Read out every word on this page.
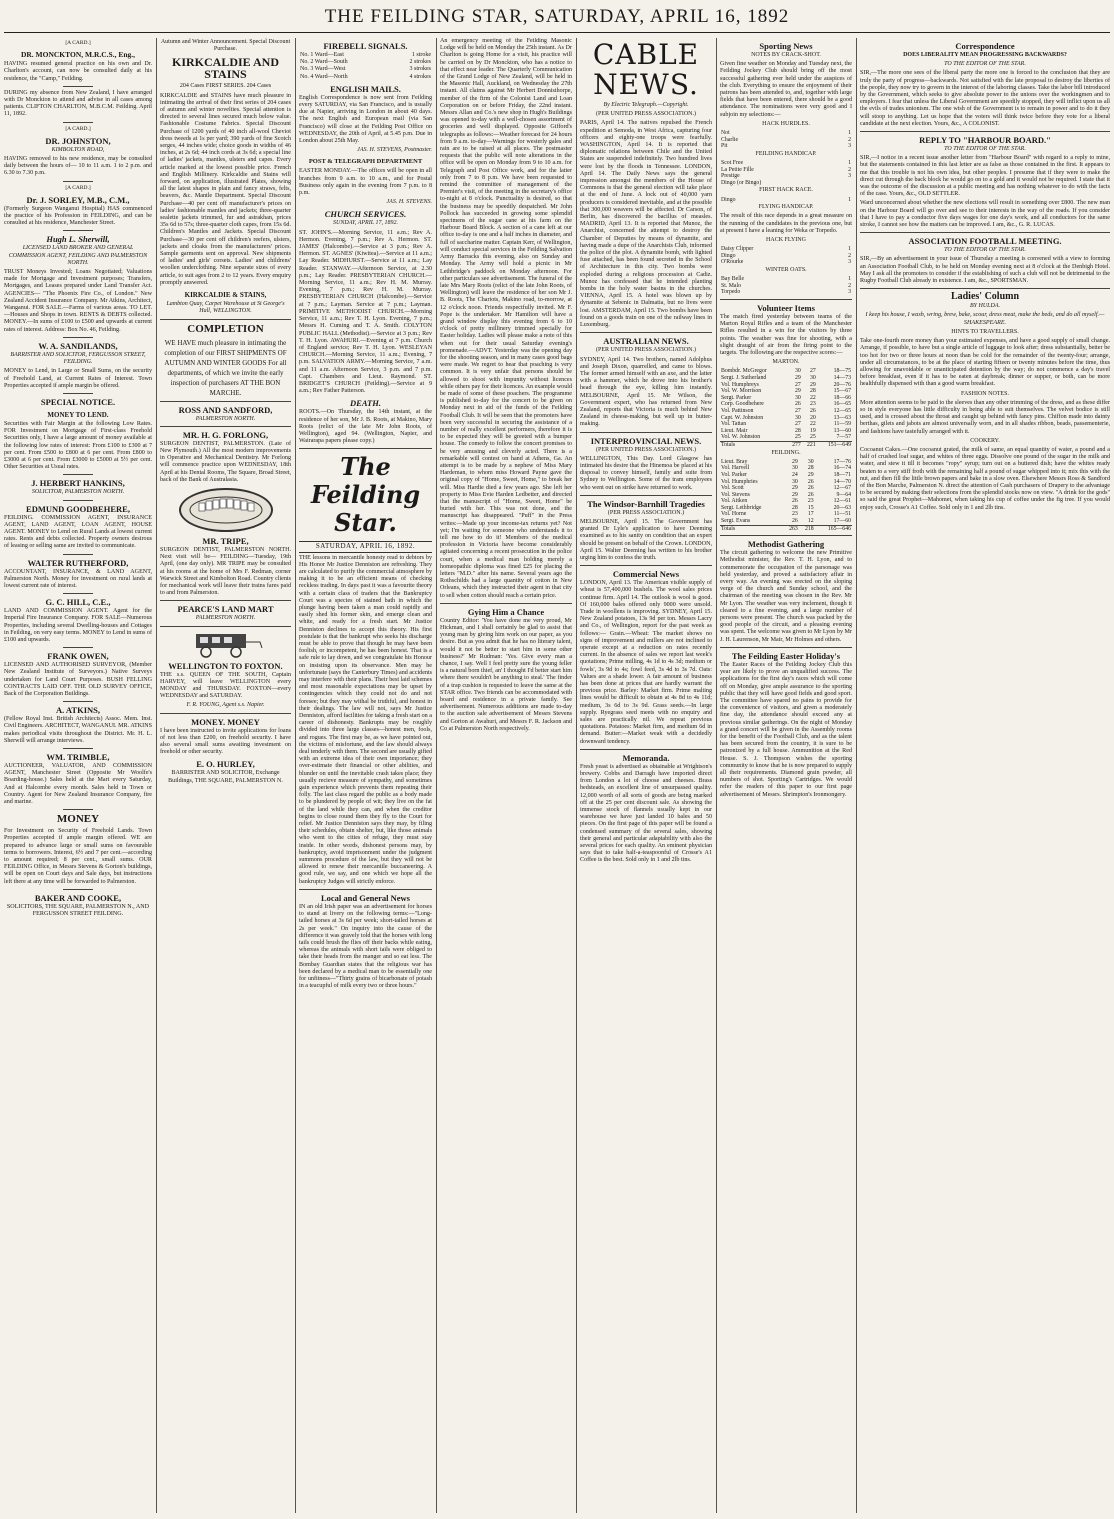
THE FEILDING STAR, SATURDAY, APRIL 16, 1892
[A CARD.]
DR. MONCKTON, M.R.C.S., Eng.,

HAVING resumed general practice on his own and Dr. Charlton's account, can now be consulted daily at his residence, the "Camp," Feilding.

DURING my absence from New Zealand, I have arranged with Dr Monckton to attend and advise in all cases among patients. CLIFTON CHARLTON, M.B.C.M. Feilding. April 11, 1892.

[A CARD.]
DR. JOHNSTON,
KIMBOLTON ROAD,

HAVING removed to his new residence, may be consulted daily between the hours of— 10 to 11 a.m. 1 to 2 p.m. and 6.30 to 7.30 p.m.

[A CARD.]
Dr. J. SORLEY, M.B., C.M.,

(Formerly Surgeon Wanganui Hospital) HAS commenced the practice of his Profession in FEILDING, and can be consulted at his residence, Manchester Street.

Hugh L. Sherwill,
LICENSED LAND BROKER AND GENERAL COMMISSION AGENT, FEILDING AND PALMERSTON NORTH.

TRUST Moneys Invested; Loans Negotiated; Valuations made for Mortgage and Investment purposes; Transfers, Mortgages, and Leases prepared under Land Transfer Act. AGENCIES— "The Phoenix Fire Co., of London." New Zealand Accident Insurance Company. Mr Atkins, Architect, Wanganui. FOR SALE.—Farms of various areas. TO LET.—Houses and Shops in town. RENTS & DEBTS collected. MONEY.—In sums of £100 to £500 and upwards at current rates of interest. Address: Box No. 46, Feilding.

W. A. SANDILANDS,
BARRISTER AND SOLICITOR, FERGUSSON STREET, FEILDING.

MONEY to Lend, in Large or Small Sums, on the security of Freehold Land, at Current Rates of Interest. Town Properties accepted if ample margin be offered.

SPECIAL NOTICE.
MONEY TO LEND.

Securities with Fair Margin at the following Low Rates. FOR Investment on Mortgage of First-class Freehold Securities only, I have a large amount of money available at the following low rates of interest: From £100 to £300 at 7 per cent. From £500 to £800 at 6 per cent. From £800 to £3000 at 6 per cent. From £3000 to £5000 at 5½ per cent. Other Securities at Usual rates.

J. HERBERT HANKINS,
SOLICITOR, PALMERSTON NORTH.
EDMUND GOODBEHERE,

FEILDING. COMMISSION AGENT, INSURANCE AGENT, LAND AGENT, LOAN AGENT, HOUSE AGENT. MONEY to Lend on Rural Lands at lowest current rates. Rents and debts collected. Property owners desirous of leasing or selling same are invited to communicate.

WALTER RUTHERFORD,

ACCOUNTANT, INSURANCE, & LAND AGENT, Palmerston North. Money for investment on rural lands at lowest current rate of interest.

G. C. HILL, C.E.,

LAND AND COMMISSION AGENT. Agent for the Imperial Fire Insurance Company. FOR SALE—Numerous Properties, including several Dwelling-houses and Cottages in Feilding, on very easy terms. MONEY to Lend in sums of £100 and upwards.

FRANK OWEN,

LICENSED AND AUTHORISED SURVEYOR, (Member New Zealand Institute of Surveyors.) Native Surveys undertaken for Land Court Purposes. BUSH FELLING CONTRACTS LAID OFF. THE OLD SURVEY OFFICE, Back of the Corporation Buildings.

A. ATKINS,

(Fellow Royal Inst. British Architects) Assoc. Mem. Inst. Civil Engineers. ARCHITECT, WANGANUI. MR. ATKINS makes periodical visits throughout the District. Mr. H. L. Sherwill will arrange interviews.

WM. TRIMBLE,

AUCTIONEER, VALUATOR, AND COMMISSION AGENT, Manchester Street (Opposite Mr Woolfe's Boarding-house.) Sales held at the Mart every Saturday, And at Halcombe every month. Sales held in Town or Country. Agent for New Zealand Insurance Company, fire and marine.

MONEY

For Investment on Security of Freehold Lands. Town Properties accepted if ample margin offered. WE are prepared to advance large or small sums on favourable terms to borrowers. Interest, 6½ and 7 per cent.—according to amount required; 8 per cent., small sums. OUR FEILDING Office, in Messrs Stevens & Gorton's buildings, will be open on Court days and Sale days, but instructions left there at any time will be forwarded to Palmerston.

BAKER AND COOKE,

SOLICITORS, THE SQUARE, PALMERSTON N., AND FERGUSSON STREET FEILDING.

Autumn and Winter Announcement. Special Discount Purchase.
KIRKCALDIE AND STAINS
204 Cases FIRST SERIES. 204 Cases

KIRKCALDIE and STAINS have much pleasure in intimating the arrival of their first series of 204 cases of autumn and winter novelties. Special attention is directed to several lines secured much below value. Fashionable Costume Fabrics. Special Discount Purchase of 1200 yards of 40 inch all-wool Cheviot dress tweeds at 1s per yard; 390 yards of fine Scotch serges, 44 inches wide; choice goods in widths of 46 inches, at 2s 6d; 44 inch cords at 3s 6d; a special line of ladies' jackets, mantles, ulsters and capes. Every article marked at the lowest possible price. French and English Millinery. Kirkcaldie and Stains will forward, on application, illustrated Plates, showing all the latest shapes in plain and fancy straws, felts, beavers, &c. Mantle Department. Special Discount Purchase—40 per cent off manufacturer's prices on ladies' fashionable mantles and jackets; three-quarter sealette jackets trimmed, fur and astrakhan, prices 35s 6d to 57s; three-quarter cloth capes, from 15s 6d. Children's Mantles and Jackets. Special Discount Purchase—30 per cent off children's reefers, ulsters, jackets and cloaks from the manufacturers' prices. Sample garments sent on approval. New shipments of ladies' and girls' corsets. Ladies' and childrens' woollen underclothing. Nine separate sizes of every article, to suit ages from 2 to 12 years. Every enquiry promptly answered.

KIRKCALDIE & STAINS,
Lambton Quay, Carpet Warehouse at St George's Hall, WELLINGTON.
COMPLETION

WE HAVE much pleasure in intimating the completion of our FIRST SHIPMENTS OF AUTUMN AND WINTER GOODS For all departments, of which we invite the early inspection of purchasers AT THE BON MARCHE.

ROSS AND SANDFORD,
PALMERSTON NORTH.
MR. H. G. FORLONG,

SURGEON DENTIST, PALMERSTON. (Late of New Plymouth.) All the most modern improvements in Operative and Mechanical Dentistry. Mr Forlong will commence practice upon WEDNESDAY, 18th April at his Dental Rooms, The Square, Broad Street, back of the Bank of Australasia.

MR. TRIPE,

SURGEON DENTIST, PALMERSTON NORTH. Next visit will be— FEILDING—Tuesday, 19th April, (one day only). MR TRIPE may be consulted at his rooms at the home of Mrs F. Redman, corner Warwick Street and Kimbolton Road. Country clients for mechanical work will leave their trains fares paid to and from Palmerston.

PEARCE'S LAND MART
PALMERSTON NORTH.
WELLINGTON TO FOXTON.

THE s.s. QUEEN OF THE SOUTH, Captain HARVEY, will leave WELLINGTON every MONDAY and THURSDAY. FOXTON—every WEDNESDAY and SATURDAY.

F. R. YOUNG, Agent s.s. Napier.
MONEY. MONEY

I have been instructed to invite applications for loans of not less than £200, on freehold security. I have also several small sums awaiting investment on freehold or other security.

E. O. HURLEY,

BARRISTER AND SOLICITOR, Exchange Buildings, THE SQUARE, PALMERSTON N.

FIREBELL SIGNALS.
No. 1 Ward—East	1 stroke
No. 2 Ward—South	2 strokes
No. 3 Ward—West	3 strokes
No. 4 Ward—North	4 strokes
ENGLISH MAILS.

English Correspondence is now sent from Feilding every SATURDAY, via San Francisco, and is usually due at Napier, arriving in London in about 40 days. The next English and European mail (via San Francisco) will close at the Feilding Post Office on WEDNESDAY, the 20th of April, at 5.45 p.m. Due in London about 25th May.

JAS. H. STEVENS, Postmaster.
POST & TELEGRAPH DEPARTMENT

EASTER MONDAY.—The offices will be open in all branches from 9 a.m. to 10 a.m., and for Postal Business only again in the evening from 7 p.m. to 8 p.m.

JAS. H. STEVENS.
CHURCH SERVICES.
SUNDAY, APRIL 17, 1892.

ST. JOHN'S.—Morning Service, 11 a.m.; Rev A. Hermon. Evening, 7 p.m.; Rev A. Hermon. ST. JAMES' (Halcombe).—Service at 3 p.m.; Rev A. Hermon. ST. AGNES' (Kiwitea).—Service at 11 a.m.; Lay Reader. MIDHURST.—Service at 11 a.m.; Lay Reader. STANWAY.—Afternoon Service, at 2.30 p.m.; Lay Reader. PRESBYTERIAN CHURCH.—Morning Service, 11 a.m.; Rev H. M. Murray. Evening, 7 p.m.; Rev H. M. Murray. PRESBYTERIAN CHURCH (Halcombe).—Service at 7 p.m.; Layman. Service at 7 p.m.; Layman. PRIMITIVE METHODIST CHURCH.—Morning Service, 11 a.m.; Rev T. H. Lyon. Evening, 7 p.m.; Messrs H. Cuming and T. A. Smith. COLYTON PUBLIC HALL (Methodist).—Service at 3 p.m.; Rev T. H. Lyon. AWAHURI.—Evening at 7 p.m. Church of England service; Rev T. H. Lyon. WESLEYAN CHURCH.—Morning Service, 11 a.m.; Evening, 7 p.m. SALVATION ARMY.—Morning Service, 7 a.m. and 11 a.m. Afternoon Service, 3 p.m. and 7 p.m. Capt. Chambers and Lieut. Raymond. ST. BRIDGET'S CHURCH (Feilding).—Service at 9 a.m.; Rev Father Patterson.

DEATH.

ROOTS.—On Thursday, the 14th instant, at the residence of her son, Mr J. B. Roots, at Makino, Mary Roots (relict of the late Mr John Roots, of Wellington), aged 94. (Wellington, Napier, and Wairarapa papers please copy.)

The Feilding Star.
SATURDAY, APRIL 16, 1892.

THE lessons in mercantile honesty read to debtors by His Honor Mr Justice Denniston are refreshing. They are calculated to purify the commercial atmosphere by making it to be an efficient means of checking reckless trading. In days past it was a favourite theory with a certain class of traders that the Bankruptcy Court was a species of stained bath in which the plunge having been taken a man could rapidly and easily shed his former skin, and emerge clean and white, and ready for a fresh start. Mr Justice Denniston declines to accept this theory. His first postulate is that the bankrupt who seeks his discharge must be able to prove that though he may have been foolish, or incompetent, he has been honest. That is a safe rule to lay down, and we congratulate his Honour on insisting upon its observance. Men may be unfortunate (says the Canterbury Times) and accidents may interfere with their plans. Their best laid schemes and most reasonable expectations may be upset by contingencies which they could not do and not foresee; but they may withal be truthful, and honest in their dealings. The law will not, says Mr Justice Denniston, afford facilities for taking a fresh start on a career of dishonesty. Bankrupts may be roughly divided into three large classes—honest men, fools, and rogues. The first may be, as we have pointed out, the victims of misfortune, and the law should always deal tenderly with them. The second are usually gifted with an extreme idea of their own importance; they over-estimate their financial or other abilities, and blunder on until the inevitable crash takes place; they usually recieve measure of sympathy, and sometimes gain experience which prevents them repeating their folly. The last class regard the public as a body made to be plundered by people of wit; they live on the fat of the land while they can, and when the creditor begins to close round them they fly to the Court for relief. Mr Justice Denniston says they may, by filing their schedules, obtain shelter, but, like those animals who went to the cities of refuge, they must stay inside. In other words, dishonest persons may, by bankruptcy, avoid imprisonment under the judgment summons procedure of the law, but they will not be allowed to renew their mercantile buccaneering. A good rule, we say, and one which we hope all the bankruptcy Judges will strictly enforce.

Local and General News

IN an old Irish paper was an advertisement for horses to stand at livery on the following terms:—"Long-tailed horses at 3s 6d per week; short-tailed horses at 2s per week." On inquiry into the cause of the difference it was gravely told that the horses with long tails could brush the flies off their backs while eating, whereas the animals with short tails were obliged to take their heads from the manger and so eat less. The Bombay Guardian states that the religious war has been declared by a medical man to be essentially one for unfitness—"Thirty grains of bicarbonate of potash in a teacupful of milk every two or three hours."

An emergency meeting of the Feilding Masonic Lodge will be held on Monday the 25th instant. As Dr Charlton is going Home for a visit, his practice will be carried on by Dr Monckton, who has a notice to that effect near leader. The Quarterly Communication of the Grand Lodge of New Zealand, will be held in the Masonic Hall, Auckland, on Wednesday the 27th instant. All claims against Mr Herbert Donnisthorpe, member of the firm of the Colonist Land and Loan Corporation on or before Friday, the 22nd instant. Messrs Allan and Co.'s new shop in Hugh's Buildings was opened to-day with a well-chosen assortment of groceries and well displayed. Opposite Gifford's telegraphs as follows:—Weather forecast for 24 hours from 9 a.m. to-day—Warnings for westerly gales and rain are to be raised at all places. The postmaster requests that the public will note alterations in the office will be open on Monday from 9 to 10 a.m. for Telegraph and Post Office work, and for the latter only from 7 to 8 p.m. We have been requested to remind the committee of management of the Premier's visit, of the meeting in the secretary's office to-night at 8 o'clock. Punctuality is desired, so that the business may be speedily despatched. Mr John Pollock has succeeded in growing some splendid specimens of the sugar cane at his farm on the Harbour Board Block. A section of a cane left at our office to-day is one and a half inches in diameter, and full of saccharine matter. Captain Kerr, of Wellington, will conduct special services in the Feilding Salvation Army Barracks this evening, also on Sunday and Monday. The Army will hold a picnic in Mr Lethbridge's paddock on Monday afternoon. For other particulars see advertisement. The funeral of the late Mrs Mary Roots (relict of the late John Roots, of Wellington) will leave the residence of her son Mr J. B. Roots, The Chariots, Makino road, to-morrow, at 12 o'clock noon. Friends respectfully invited. Mr F. Pope is the undertaker. Mr Hamilton will have a grand window display this evening from 6 to 10 o'clock of pretty millinery trimmed specially for Easter holiday. Ladies will please make a note of this when out for their usual Saturday evening's promenade.—ADVT. Yesterday was the opening day for the shooting season, and in many cases good bags were made. We regret to hear that poaching is very common. It is very unfair that persons should be allowed to shoot with impunity without licences while others pay for their licences. An example would be made of some of these poachers. The programme is published to-day for the concert to be given on Monday next in aid of the funds of the Feilding Football Club. It will be seen that the promoters have been very successful in securing the assistance of a number of really excellent performers, therefore it is to be expected they will be greeted with a bumper house. The comedy to follow the concert promises to be very amusing and cleverly acted. There is a remarkable will contest on hand at Athens, Ga. An attempt is to be made by a nephew of Miss Mary Hardeman, to whom miss Howard Payne gave the original copy of "Home, Sweet, Home," to break her will. Miss Hardie died a few years ago. She left her property to Miss Evie Harden Ledbetter, and directed that the manuscript of "Home, Sweet, Home" be buried with her. This was not done, and the manuscript has disappeared. "Puff" in the Press writes:—Made up your income-tax returns yet? Not yet; I'm waiting for someone who understands it to tell me how to do it! Members of the medical profession in Victoria have become considerably agitated concerning a recent prosecution in the police court, when a medical man holding merely a homeopathic diploma was fined £25 for placing the letters "M.D." after his name. Several years ago the Rothschilds had a large quantity of cotton in New Orleans, which they instructed their agent in that city to sell when cotton should reach a certain price.

Gying Him a Chance

Country Editor: 'You have done me very proud, Mr Hickman, and I shall certainly be glad to assist that young man by giving him work on our paper, as you desire. But as you admit that he has no literary talent, would it not be better to start him in some other business?' Mr Rudman: 'Yes. Give every man a chance, I say. Well I feel pretty sure the young feller is a natural born thief, an' I thought I'd better start him where there wouldn't be anything to steal.' The finder of a trap cushion is requested to leave the same at the STAR office. Two friends can be accommodated with board and residence in a private family. See advertisement. Numerous additions are made to-day to the auction sale advertisement of Messrs Stevens and Gorton at Awahuri, and Messrs F. R. Jackson and Co at Palmerston North respectively.

CABLE NEWS.
By Electric Telegraph.—Copyright.
(PER UNITED PRESS ASSOCIATION.)

PARIS, April 14. The natives repulsed the French expedition at Semoda, in West Africa, capturing four officers and eighty-one troops were fearfully. WASHINGTON, April 14. It is reported that diplomatic relations between Chile and the United States are suspended indefinitely. Two hundred lives were lost by the floods in Tennessee. LONDON, April 14. The Daily News says the general impression amongst the members of the House of Commons is that the general election will take place at the end of June. A lock out of 40,000 yarn producers is considered inevitable, and at the possible that 300,000 weavers will be affected. Dr Carson, of Berlin, has discovered the bacillus of measles. MADRID, April 13. It is reported that Munoz, the Anarchist, concerned the attempt to destroy the Chamber of Deputies by means of dynamite, and having made a dupe of the Anarchists Club, informed the police of the plot. A dynamite bomb, with lighted fuse attached, has been found secreted in the School of Architecture in this city. Two bombs were exploded during a religious procession at Cadiz. Munoz has confessed that he intended planting bombs in the holy water basins in the churches. VIENNA, April 15. A hotel was blown up by dynamite at Sebenic in Dalmatia, but no lives were lost. AMSTERDAM, April 15. Two bombs have been found on a goods train on one of the railway lines in Luxemburg.

AUSTRALIAN NEWS.
(PER UNITED PRESS ASSOCIATION.)

SYDNEY, April 14. Two brothers, named Adolphus and Joseph Dixon, quarrelled, and came to blows. The former armed himself with an axe, and the latter with a hammer, which he drove into his brother's head through the eye, killing him instantly. MELBOURNE, April 15. Mr Wilson, the Government expert, who has returned from New Zealand, reports that Victoria is much behind New Zealand in cheese-making, but well up in butter-making.

INTERPROVINCIAL NEWS.
(PER UNITED PRESS ASSOCIATION.)

WELLINGTON, This Day. Lord Glasgow has intimated his desire that the Hinemoa be placed at his disposal to convey himself, family and suite from Sydney to Wellington. Some of the tram employees who went out on strike have returned to work.

The Windsor-Barnhill Tragedies
(PER PRESS ASSOCIATION.)

MELBOURNE, April 15. The Government has granted Dr Lyle's application to have Deeming examined as to his sanity on condition that an expert should be present on behalf of the Crown. LONDON, April 15. Walter Deeming has written to his brother urging him to confess the truth.

Commercial News

LONDON, April 13. The American visible supply of wheat is 57,400,000 bushels. The wool sales prices continue firm. April 14. The outlook is wool is good. Of 160,000 bales offered only 9000 were unsold. Trade in woollens is improving. SYDNEY, April 15. New Zealand potatoes, 13s 9d per ton. Messrs Lacry and Co., of Wellington, report for the past week as follows:— Grain.—Wheat: The market shows no signs of improvement and millers are not inclined to operate except at a reduction on rates recently current. In the absence of sales we report last week's quotations; Prime milling, 4s 1d to 4s 3d; medium or fowls', 3s 9d to 4s; fowl feed, 3s 4d to 3s 7d. Oats: Values are a shade lower. A fair amount of business has been done at prices that are hardly warrant the previous price. Barley: Market firm. Prime malting lines would be difficult to obtain at 4s 8d to 4s 11d; medium, 3s 6d to 3s 9d. Grass seeds.—In large supply. Ryegrass seed meets with no enquiry and sales are practically nil. We repeat previous quotations. Potatoes: Market firm, and medium 6d in demand. Butter:—Market weak with a decidedly downward tendency.

Memoranda.

Fresh yeast is advertised as obtainable at Wrightson's brewery. Cobbs and Darragh have imported direct from London a lot of choose and cheeses. Brass bedsteads, an excellent line of unsurpassed quality. 12,000 worth of all sorts of goods are being marked off at the 25 per cent discount sale. As showing the immense stock of flannels usually kept in our warehouse we have just landed 10 bales and 50 pieces. On the first page of this paper will be found a condensed summary of the several sales, showing their general and particular adaptability with also the several prices for each quality. An eminent physician says that to take half-a-teaspoonful of Crosse's A1 Coffee is the best. Sold only in 1 and 2lb tins.

Sporting News
NOTES BY CRACK-SHOT.

Given fine weather on Monday and Tuesday next, the Feilding Jockey Club should bring off the most successful gathering ever held under the auspices of the club. Everything to ensure the enjoyment of their patrons has been attended to, and, together with large fields that have been entered, there should be a good attendance. The nominations were very good and I subjoin my selections:—

HACK HURDLES.
Not	1
Charlie	2
Pit	3
FEILDING HANDICAP.
Scot Free	1
La Petite Fille	2
Prestige	3
Dingo (or Bingo)	
FIRST HACK RACE.
Dingo	1
FLYING HANDICAP.

The result of this race depends in a great measure on the running of the candidates in the previous one, but at present I have a leaning for Weka or Torpedo.

HACK FLYING
Daisy Clipper	1
Dingo	2
O'Rourke	3
WINTER OATS.
Bay Belle	1
St. Malo	2
Torpedo	3
Volunteer Items

The match fired yesterday between teams of the Marton Royal Rifles and a team of the Manchester Rifles resulted in a win for the visitors by three points. The weather was fine for shooting, with a slight draught of air from the firing point to the targets. The following are the respective scores:—

MARTON.
Bombdr. McGregor	30	27	18—75
Sergt. J. Sutherland	29	30	14—73
Vol. Humphreys	27	29	20—76
Vol. W. Morrison	29	28	15—67
Sergt. Parker	30	22	18—66
Corp. Goodbehere	26	23	16—65
Vol. Pattinson	27	26	12—65
Capt. W. Johnston	30	20	13—63
Vol. Tattan	27	22	11—59
Lieut. Mair	28	19	13—60
Vol. W. Johnston	25	25	7—57
Totals	277	221	151—649
FEILDING.
Lieut. Bray	29	30	17—76
Vol. Harvell	30	28	16—74
Vol. Parker	24	29	18—71
Vol. Humphries	30	26	14—70
Vol. Scott	29	26	12—67
Vol. Stevens	29	26	9—64
Vol. Aitken	26	23	12—61
Sergt. Lethbridge	28	15	20—63
Vol. Horne	23	17	11—51
Sergt. Evans	26	12	17—60
Totals	263	218	165—646
Methodist Gathering

The circuit gathering to welcome the new Primitive Methodist minister, the Rev. T. H. Lyon, and to commemorate the occupation of the parsonage was held yesterday, and proved a satisfactory affair in every way. An evening was erected on the sloping verge of the church and Sunday school, and the chairman of the meeting was chosen in the Rev. Mr Mr Lyon. The weather was very inclement, though it cleared to a fine evening, and a large number of persons were present. The church was packed by the good people of the circuit, and a pleasing evening was spent. The welcome was given to Mr Lyon by Mr J. H. Laurenson, Mr Mair, Mr Holmes and others.

The Feilding Easter Holiday's

The Easter Races of the Feilding Jockey Club this year are likely to prove an unqualified success. The applications for the first day's races which will come off on Monday, give ample assurance to the sporting public that they will have good fields and good sport. The committee have spared no pains to provide for the convenience of visitors, and given a moderately fine day, the attendance should exceed any at previous similar gatherings. On the night of Monday a grand concert will be given in the Assembly rooms for the benefit of the Football Club, and as the talent has been secured from the country, it is sure to be patronized by a full house. Ammunition at the Red House. S. J. Thompson wishes the sporting community to know that he is now prepared to supply all their requirements. Diamond grain powder, all numbers of shot. Sporting's Cartridges. We would refer the readers of this paper to our first page advertisement of Messrs. Shrimpton's Ironmongery.

Correspondence
DOES LIBERALITY MEAN PROGRESSING BACKWARDS?
TO THE EDITOR OF THE STAR.

SIR,—The more one sees of the liberal party the more one is forced to the conclusion that they are truly the party of progress—backwards. Not satisfied with the late proposal to destroy the liberties of the people, they now try to govern in the interest of the laboring classes. Take the labor bill introduced by the Government, which seeks to give absolute power to the unions over the workingmen and to employers. I fear that unless the Liberal Government are speedily stopped, they will inflict upon us all the evils of trades unionism. The one wish of the Government is to remain in power and to do it they will stoop to anything. Let us hope that the voters will think twice before they vote for a liberal candidate at the next election. Yours, &c., A COLONIST.

REPLY TO "HARBOUR BOARD."
TO THE EDITOR OF THE STAR.

SIR,—I notice in a recent issue another letter from "Harbour Board" with regard to a reply to mine, but the statements contained in this last letter are as false as those contained in the first. It appears to me that this trouble is not his own idea, but other peoples. I presume that if they were to make the direct cut through the back block he would go on to a gold and it would not be required. I state that it was the outcome of the discussion at a public meeting and has nothing whatever to do with the facts of the case. Yours, &c., OLD SETTLER.

Ward unconcerned about whether the new elections will result in something over £800. The new man on the Harbour Board will go over and see to their interests in the way of the roads. If you consider that I have to pay a conductor five days wages for one day's work, and all conductors for the same stroke, I cannot see how the matters can be improved. I am, &c., G. R. LUCAS.

ASSOCIATION FOOTBALL MEETING.
TO THE EDITOR OF THE STAR.

SIR,—By an advertisement in your issue of Thursday a meeting is convened with a view to forming an Association Football Club, to be held on Monday evening next at 8 o'clock at the Denbigh Hotel. May I ask all the promoters to consider if the establishing of such a club will not be detrimental to the Rugby Football Club already in existence. I am, &c., SPORTSMAN.

Ladies' Column
BY HULDA.

I keep his house, I wash, wring, brew, bake, scour, dress meat, make the beds, and do all myself.—SHAKESPEARE.

HINTS TO TRAVELLERS.

Take one-fourth more money than your estimated expenses, and have a good supply of small change. Arrange, if possible, to have but a single article of luggage to look after; dress substantially, better be too hot for two or three hours at noon than be cold for the remainder of the twenty-four; arrange, under all circumstances, to be at the place of starting fifteen or twenty minutes before the time, thus allowing for unavoidable or unanticipated detention by the way; do not commence a day's travel before breakfast, even if it has to be eaten at daybreak; dinner or supper, or both, can be more healthfully dispensed with than a good warm breakfast.

FASHION NOTES.

More attention seems to be paid to the sleeves than any other trimming of the dress, and as these differ so in style everyone has little difficulty in being able to suit themselves. The velvet bodice is still used, and is crossed about the throat and caught up behind with fancy pins. Chiffon made into dainty berthas, gilets and jabots are almost universally worn, and in all shades ribbon, beads, passementerie, and fashions have tastefully arranged with it.

COOKERY.

Cocoanut Cakes.—One cocoanut grated, the milk of same, an equal quantity of water, a pound and a half of crushed loaf sugar, and whites of three eggs. Dissolve one pound of the sugar in the milk and water, and stew it till it becomes "ropy" syrup; turn out on a buttered dish; have the whites ready beaten to a very stiff froth with the remaining half a pound of sugar whipped into it; mix this with the nut, and then fill the little brown papers and bake in a slow oven. Elsewhere Messrs Ross & Sandford of the Bon Marche, Palmerston N. direct the attention of Cash purchasers of Drapery to the advantage to be secured by making their selections from the splendid stocks now on view. "A drink for the gods" so said the great Prophet—Mahomet, when taking his cup of coffee under the fig tree. If you would enjoy such, Crosse's A1 Coffee. Sold only in 1 and 2lb tins.
